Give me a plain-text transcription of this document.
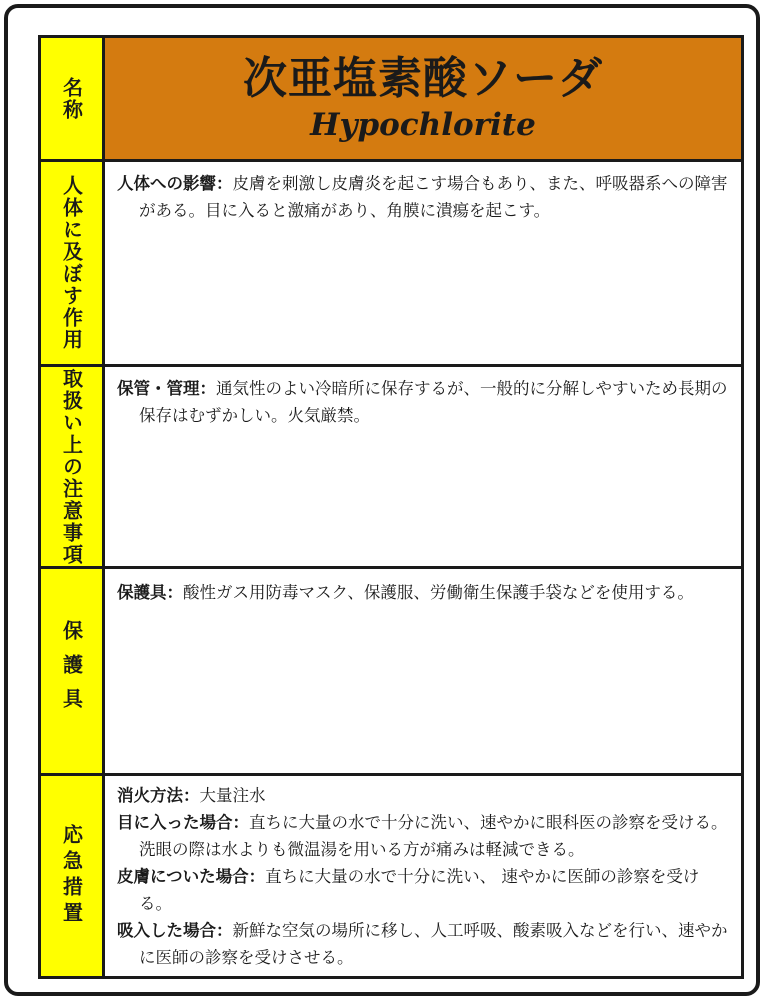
名称	次亜塩素酸ソーダ
Hypochlorite
人体に及ぼす作用 人体への影響：皮膚を刺激し皮膚炎を起こす場合もあり、また、呼吸器系への障害がある。目に入ると激痛があり、角膜に潰瘍を起こす。
取扱い上の注意事項 保管・管理：通気性のよい冷暗所に保存するが、一般的に分解しやすいため長期の保存はむずかしい。火気厳禁。
保護具
保護具：酸性ガス用防毒マスク、保護服、労働衛生保護手袋などを使用する。
応急措置
消火方法：大量注水
目に入った場合：直ちに大量の水で十分に洗い、速やかに眼科医の診察を受ける。洗眼の際は水よりも微温湯を用いる方が痛みは軽減できる。
皮膚についた場合：直ちに大量の水で十分に洗い、 速やかに医師の診察を受ける。
吸入した場合：新鮮な空気の場所に移し、人工呼吸、酸素吸入などを行い、速やかに医師の診察を受けさせる。
